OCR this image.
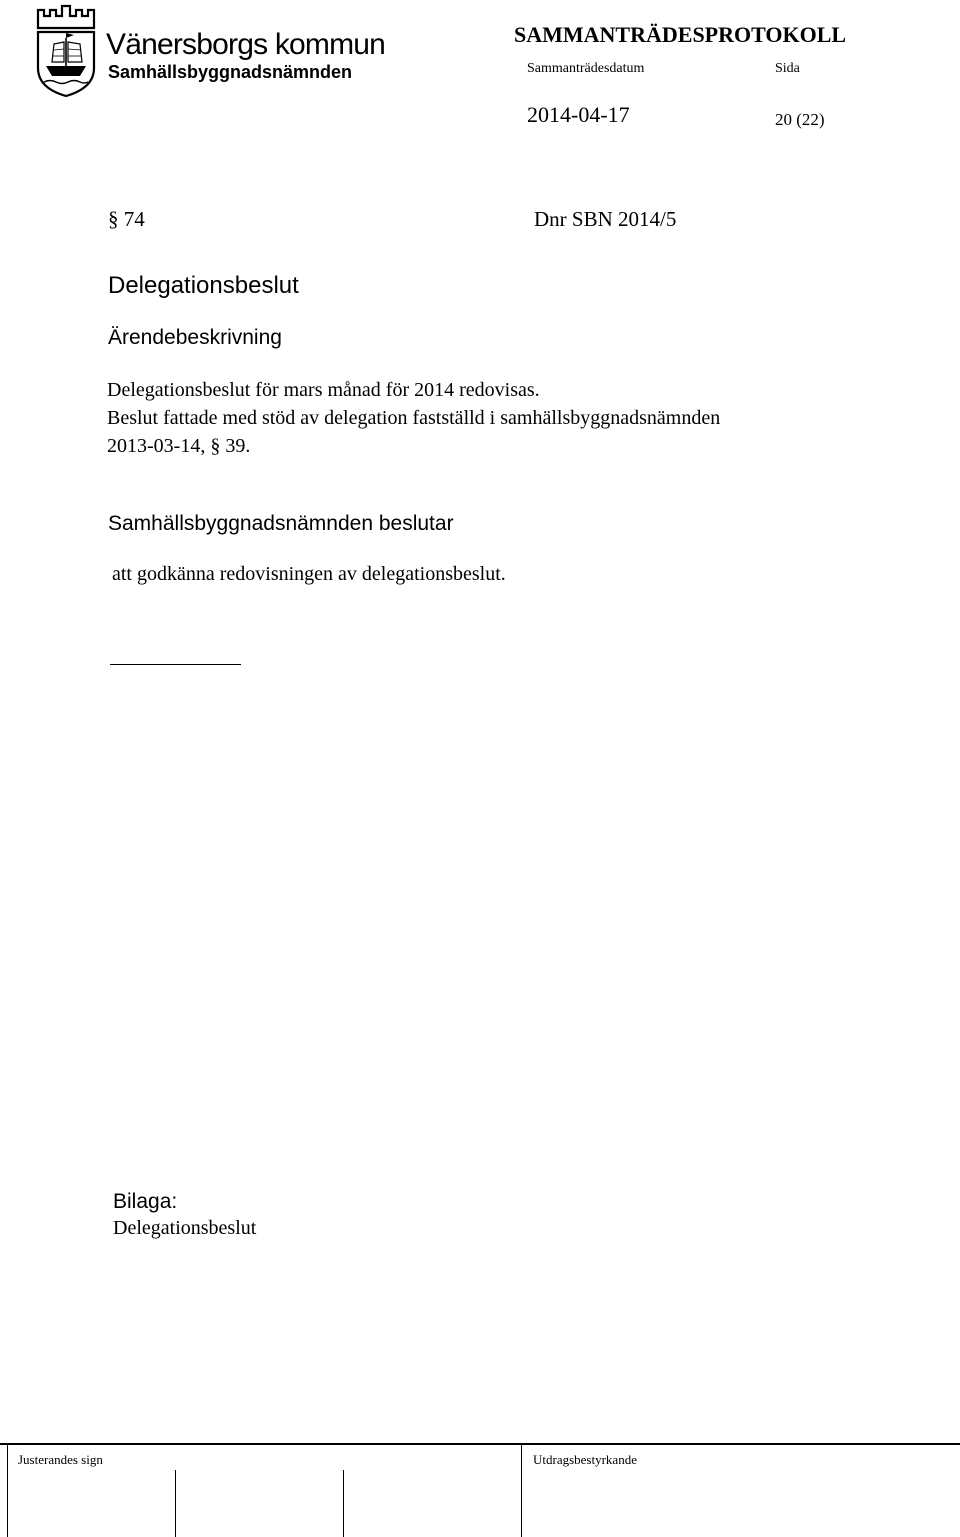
Vänersborgs kommun
Samhällsbyggnadsnämnden
SAMMANTRÄDESPROTOKOLL
Sammanträdesdatum	Sida
2014-04-17	20 (22)
§ 74	Dnr SBN 2014/5
Delegationsbeslut
Ärendebeskrivning
Delegationsbeslut för mars månad för 2014 redovisas.
Beslut fattade med stöd av delegation fastställd i samhällsbyggnadsnämnden
2013-03-14, § 39.
Samhällsbyggnadsnämnden beslutar
att godkänna redovisningen av delegationsbeslut.
Bilaga:
Delegationsbeslut
Justerandes sign	Utdragsbestyrkande
